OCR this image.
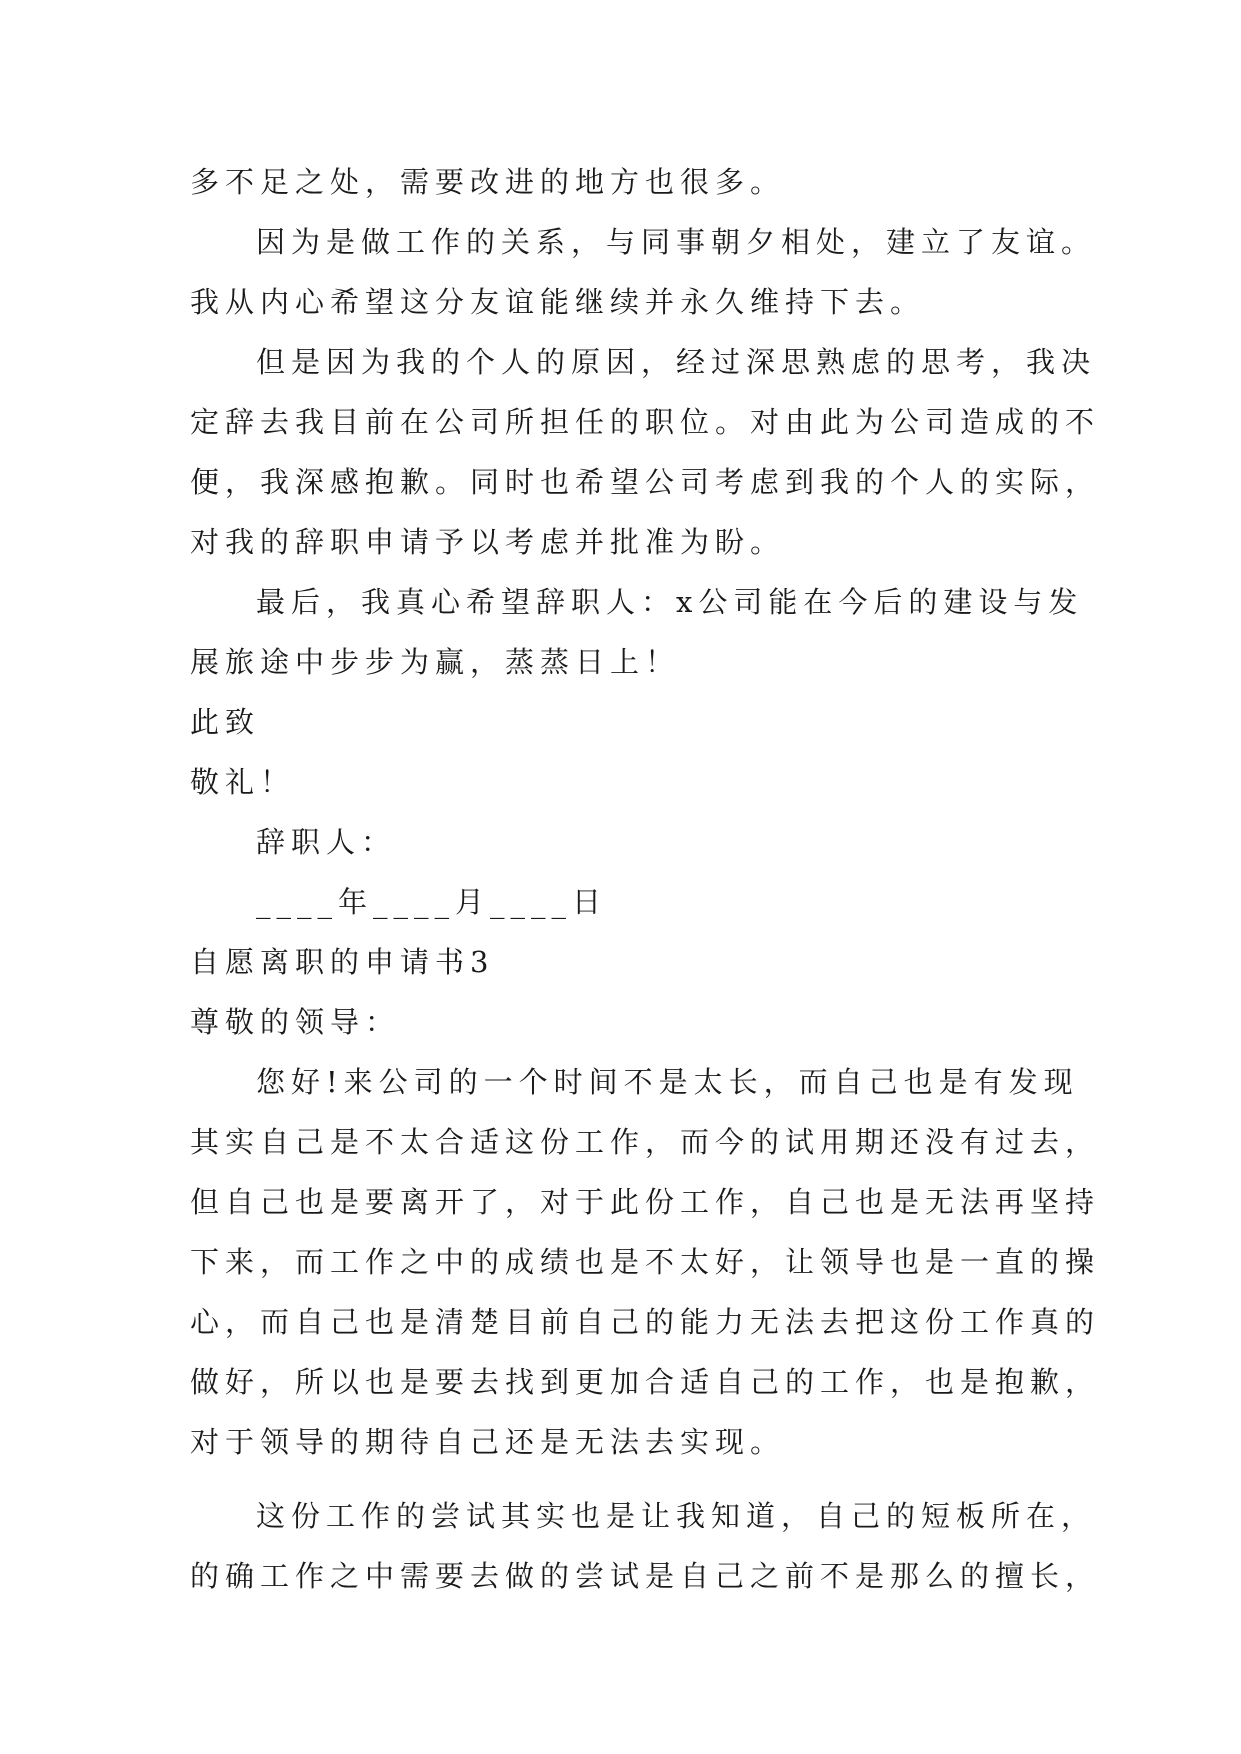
多不足之处，需要改进的地方也很多。
因为是做工作的关系，与同事朝夕相处，建立了友谊。
我从内心希望这分友谊能继续并永久维持下去。
但是因为我的个人的原因，经过深思熟虑的思考，我决
定辞去我目前在公司所担任的职位。对由此为公司造成的不
便，我深感抱歉。同时也希望公司考虑到我的个人的实际，
对我的辞职申请予以考虑并批准为盼。
最后，我真心希望辞职人：x公司能在今后的建设与发
展旅途中步步为赢，蒸蒸日上！
此致
敬礼！
辞职人：
____年____月____日
自愿离职的申请书3
尊敬的领导：
您好!来公司的一个时间不是太长，而自己也是有发现
其实自己是不太合适这份工作，而今的试用期还没有过去，
但自己也是要离开了，对于此份工作，自己也是无法再坚持
下来，而工作之中的成绩也是不太好，让领导也是一直的操
心，而自己也是清楚目前自己的能力无法去把这份工作真的
做好，所以也是要去找到更加合适自己的工作，也是抱歉，
对于领导的期待自己还是无法去实现。
这份工作的尝试其实也是让我知道，自己的短板所在，
的确工作之中需要去做的尝试是自己之前不是那么的擅长，
